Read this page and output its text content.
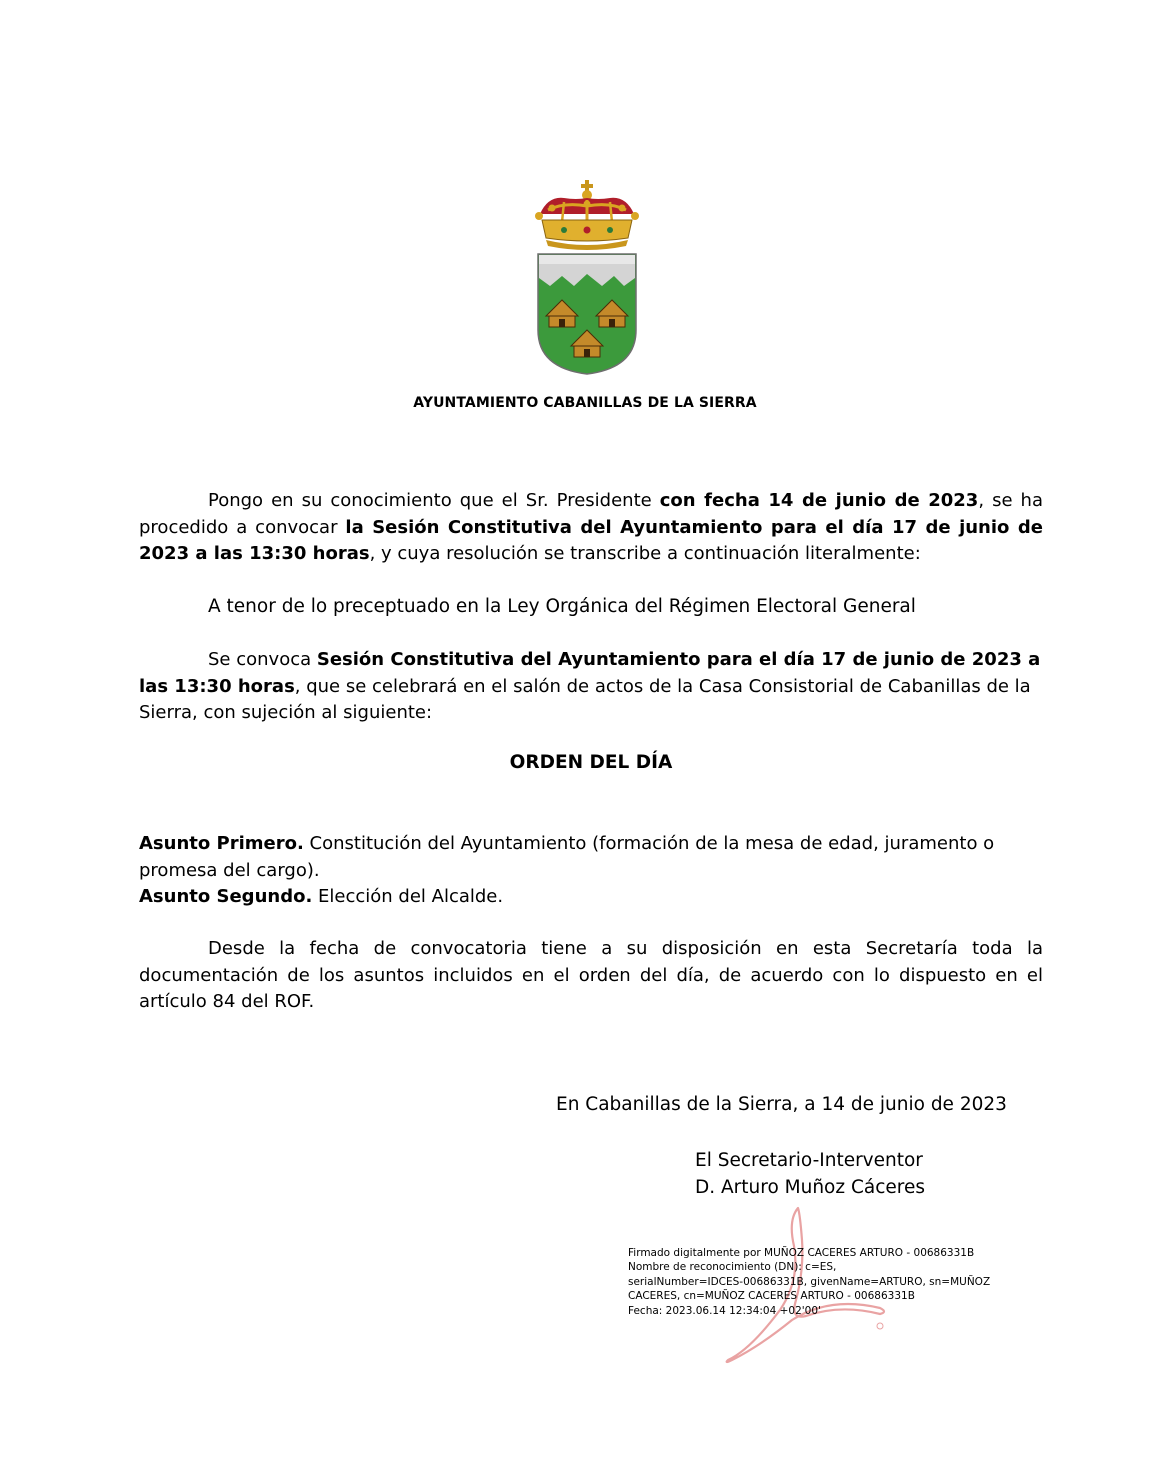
AYUNTAMIENTO CABANILLAS DE LA SIERRA

Pongo en su conocimiento que el Sr. Presidente con fecha 14 de junio de 2023, se ha procedido a convocar la Sesión Constitutiva del Ayuntamiento para el día 17 de junio de 2023 a las 13:30 horas, y cuya resolución se transcribe a continuación literalmente:

A tenor de lo preceptuado en la Ley Orgánica del Régimen Electoral General

Se convoca Sesión Constitutiva del Ayuntamiento para el día 17 de junio de 2023 a las 13:30 horas, que se celebrará en el salón de actos de la Casa Consistorial de Cabanillas de la Sierra, con sujeción al siguiente:

ORDEN DEL DÍA
Asunto Primero. Constitución del Ayuntamiento (formación de la mesa de edad, juramento o promesa del cargo).
Asunto Segundo. Elección del Alcalde.

Desde la fecha de convocatoria tiene a su disposición en esta Secretaría toda la documentación de los asuntos incluidos en el orden del día, de acuerdo con lo dispuesto en el artículo 84 del ROF.

En Cabanillas de la Sierra, a 14 de junio de 2023
El Secretario-Interventor
D. Arturo Muñoz Cáceres
Firmado digitalmente por MUÑOZ CACERES ARTURO - 00686331B
Nombre de reconocimiento (DN): c=ES,
serialNumber=IDCES-00686331B, givenName=ARTURO, sn=MUÑOZ
CACERES, cn=MUÑOZ CACERES ARTURO - 00686331B
Fecha: 2023.06.14 12:34:04 +02'00'
